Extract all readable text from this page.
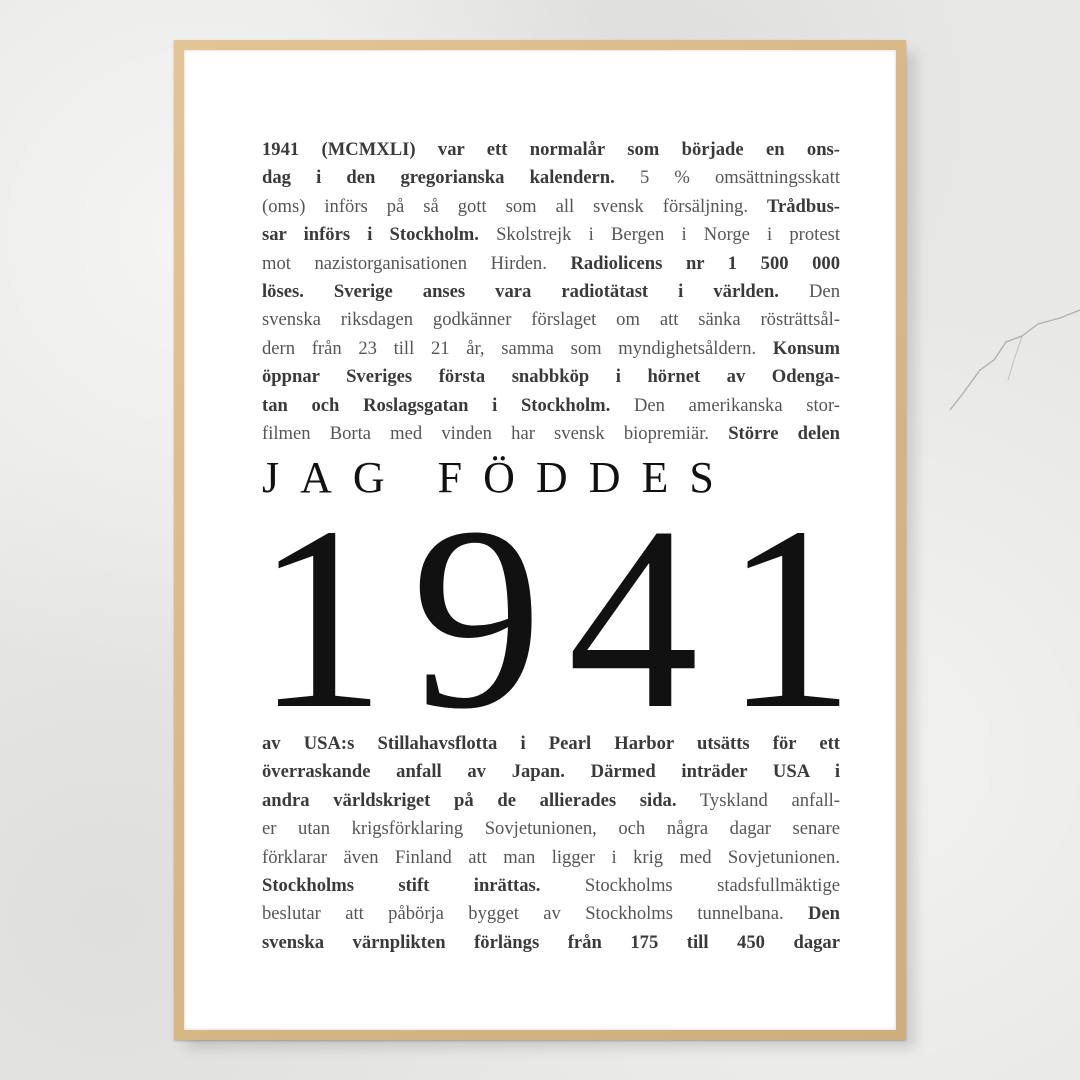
1941 (MCMXLI) var ett normalår som började en ons-
dag i den gregorianska kalendern. 5 % omsättningsskatt
(oms) införs på så gott som all svensk försäljning. Trådbus-
sar införs i Stockholm. Skolstrejk i Bergen i Norge i protest
mot nazistorganisationen Hirden. Radiolicens nr 1 500 000
löses. Sverige anses vara radiotätast i världen. Den
svenska riksdagen godkänner förslaget om att sänka rösträttsål-
dern från 23 till 21 år, samma som myndighetsåldern. Konsum
öppnar Sveriges första snabbköp i hörnet av Odenga-
tan och Roslagsgatan i Stockholm. Den amerikanska stor-
filmen Borta med vinden har svensk biopremiär. Större delen
JAG FÖDDES
1941
av USA:s Stillahavsflotta i Pearl Harbor utsätts för ett
överraskande anfall av Japan. Därmed inträder USA i
andra världskriget på de allierades sida. Tyskland anfall-
er utan krigsförklaring Sovjetunionen, och några dagar senare
förklarar även Finland att man ligger i krig med Sovjetunionen.
Stockholms stift inrättas. Stockholms stadsfullmäktige
beslutar att påbörja bygget av Stockholms tunnelbana. Den
svenska värnplikten förlängs från 175 till 450 dagar
